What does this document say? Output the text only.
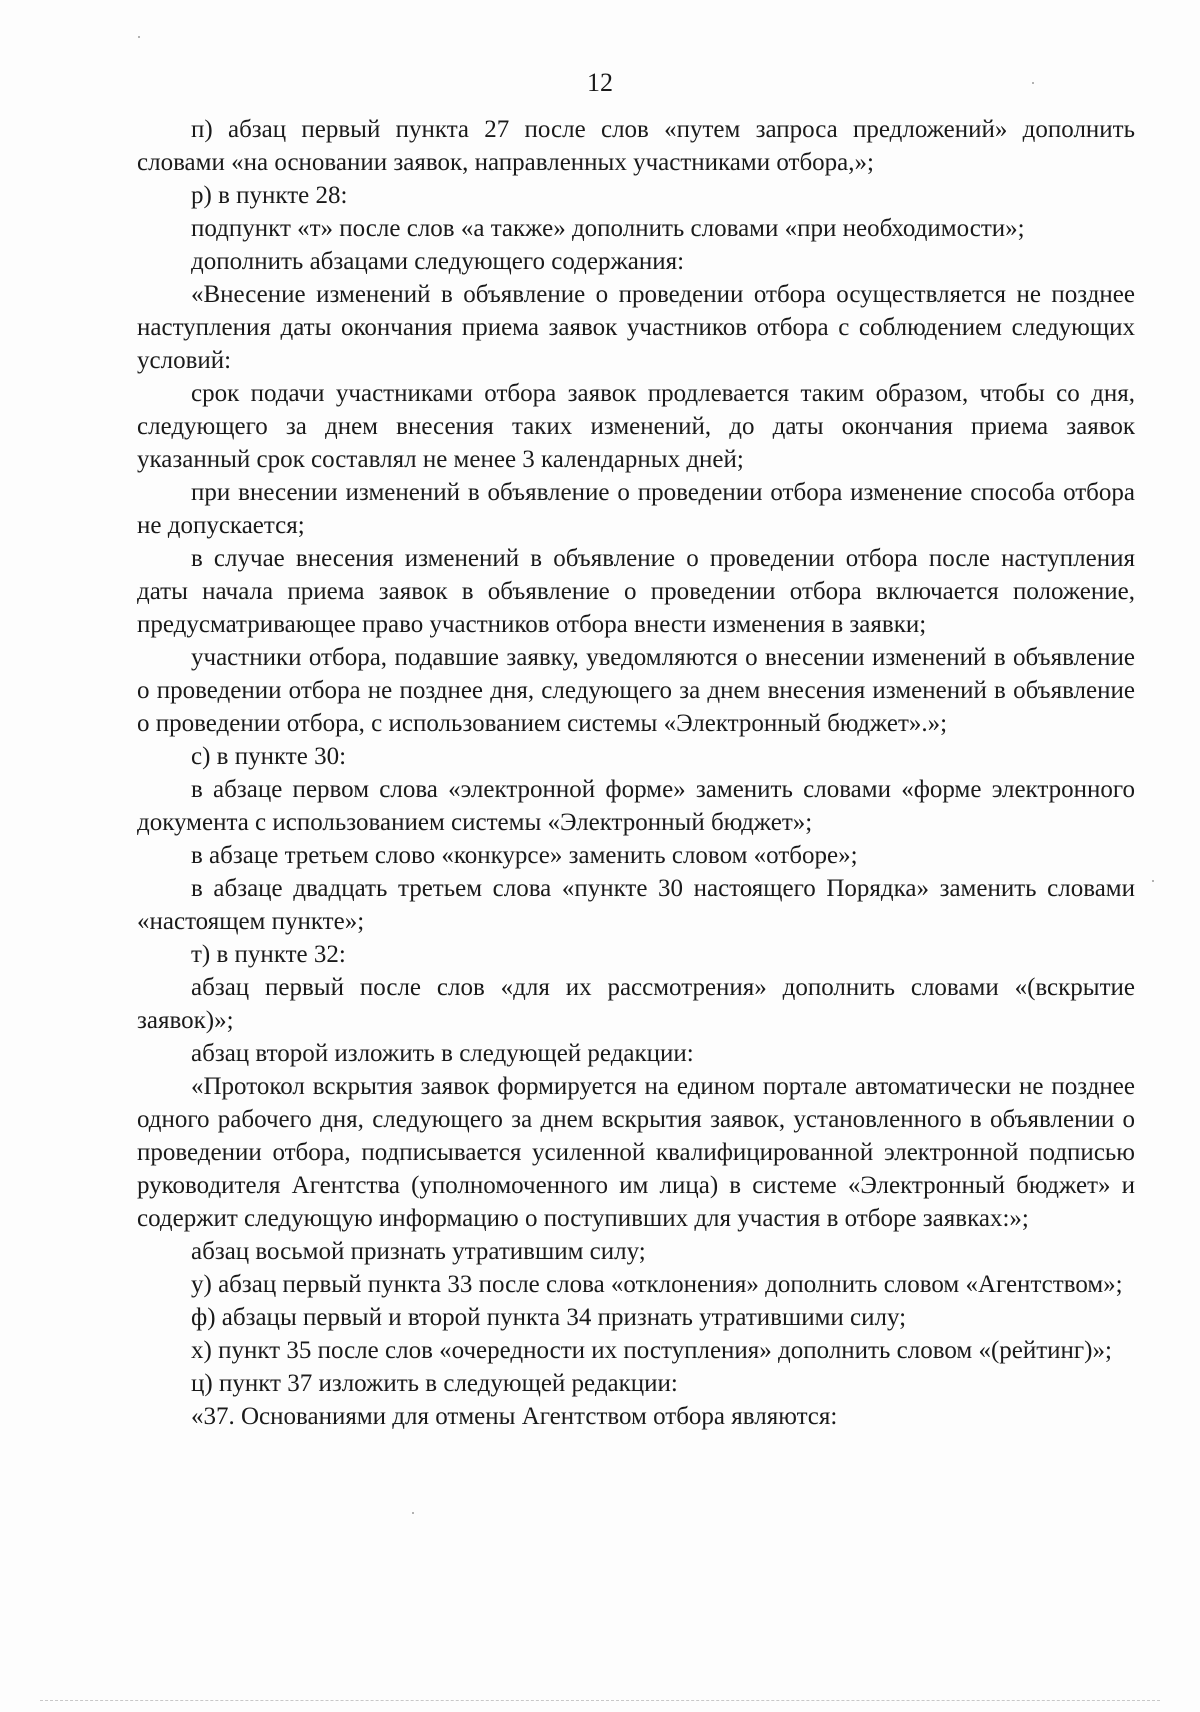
12

п) абзац первый пункта 27 после слов «путем запроса предложений» дополнить словами «на основании заявок, направленных участниками отбора,»;

р) в пункте 28:

подпункт «т» после слов «а также» дополнить словами «при необходимости»;

дополнить абзацами следующего содержания:

«Внесение изменений в объявление о проведении отбора осуществляется не позднее наступления даты окончания приема заявок участников отбора с соблюдением следующих условий:

срок подачи участниками отбора заявок продлевается таким образом, чтобы со дня, следующего за днем внесения таких изменений, до даты окончания приема заявок указанный срок составлял не менее 3 календарных дней;

при внесении изменений в объявление о проведении отбора изменение способа отбора не допускается;

в случае внесения изменений в объявление о проведении отбора после наступления даты начала приема заявок в объявление о проведении отбора включается положение, предусматривающее право участников отбора внести изменения в заявки;

участники отбора, подавшие заявку, уведомляются о внесении изменений в объявление о проведении отбора не позднее дня, следующего за днем внесения изменений в объявление о проведении отбора, с использованием системы «Электронный бюджет».»;

с) в пункте 30:

в абзаце первом слова «электронной форме» заменить словами «форме электронного документа с использованием системы «Электронный бюджет»;

в абзаце третьем слово «конкурсе» заменить словом «отборе»;

в абзаце двадцать третьем слова «пункте 30 настоящего Порядка» заменить словами «настоящем пункте»;

т) в пункте 32:

абзац первый после слов «для их рассмотрения» дополнить словами «(вскрытие заявок)»;

абзац второй изложить в следующей редакции:

«Протокол вскрытия заявок формируется на едином портале автоматически не позднее одного рабочего дня, следующего за днем вскрытия заявок, установленного в объявлении о проведении отбора, подписывается усиленной квалифицированной электронной подписью руководителя Агентства (уполномоченного им лица) в системе «Электронный бюджет» и содержит следующую информацию о поступивших для участия в отборе заявках:»;

абзац восьмой признать утратившим силу;

у) абзац первый пункта 33 после слова «отклонения» дополнить словом «Агентством»;

ф) абзацы первый и второй пункта 34 признать утратившими силу;

х) пункт 35 после слов «очередности их поступления» дополнить словом «(рейтинг)»;

ц) пункт 37 изложить в следующей редакции:

«37. Основаниями для отмены Агентством отбора являются:
